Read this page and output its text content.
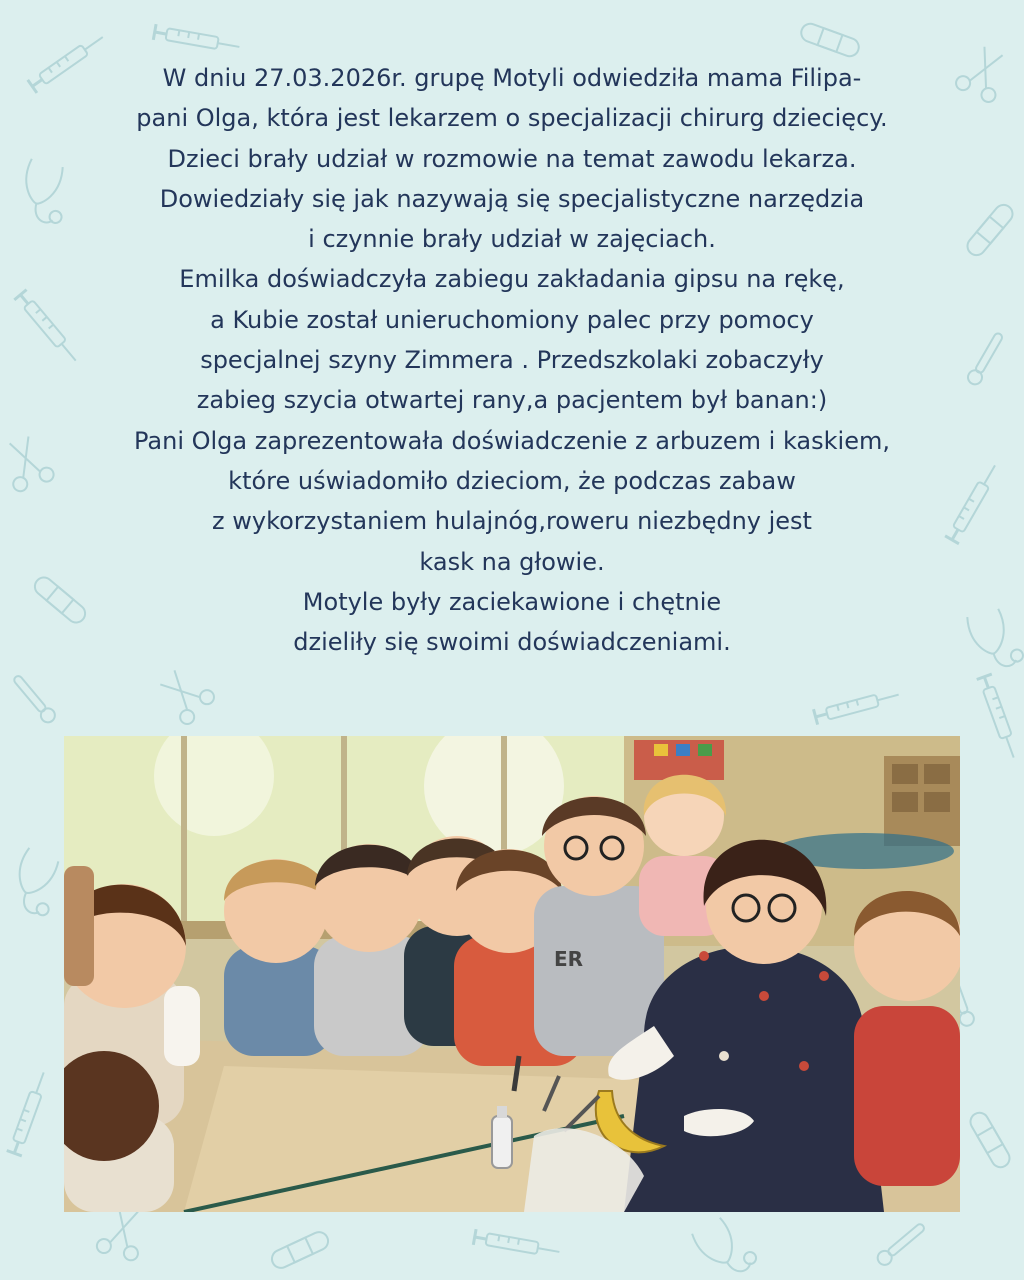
W dniu 27.03.2026r. grupę Motyli odwiedziła mama Filipa-
pani Olga, która jest lekarzem o specjalizacji chirurg dziecięcy.
Dzieci brały udział w rozmowie na temat zawodu lekarza.
Dowiedziały się jak nazywają się specjalistyczne narzędzia
i czynnie brały udział w zajęciach.
Emilka doświadczyła zabiegu zakładania gipsu na rękę,
a Kubie został unieruchomiony palec przy pomocy
specjalnej szyny Zimmera . Przedszkolaki zobaczyły
zabieg szycia otwartej rany,a pacjentem był banan:)
Pani Olga zaprezentowała doświadczenie z arbuzem i kaskiem,
które uświadomiło dzieciom, że podczas zabaw
z wykorzystaniem hulajnóg,roweru niezbędny jest
kask na głowie.
Motyle były zaciekawione i chętnie
dzieliły się swoimi doświadczeniami.
ER
